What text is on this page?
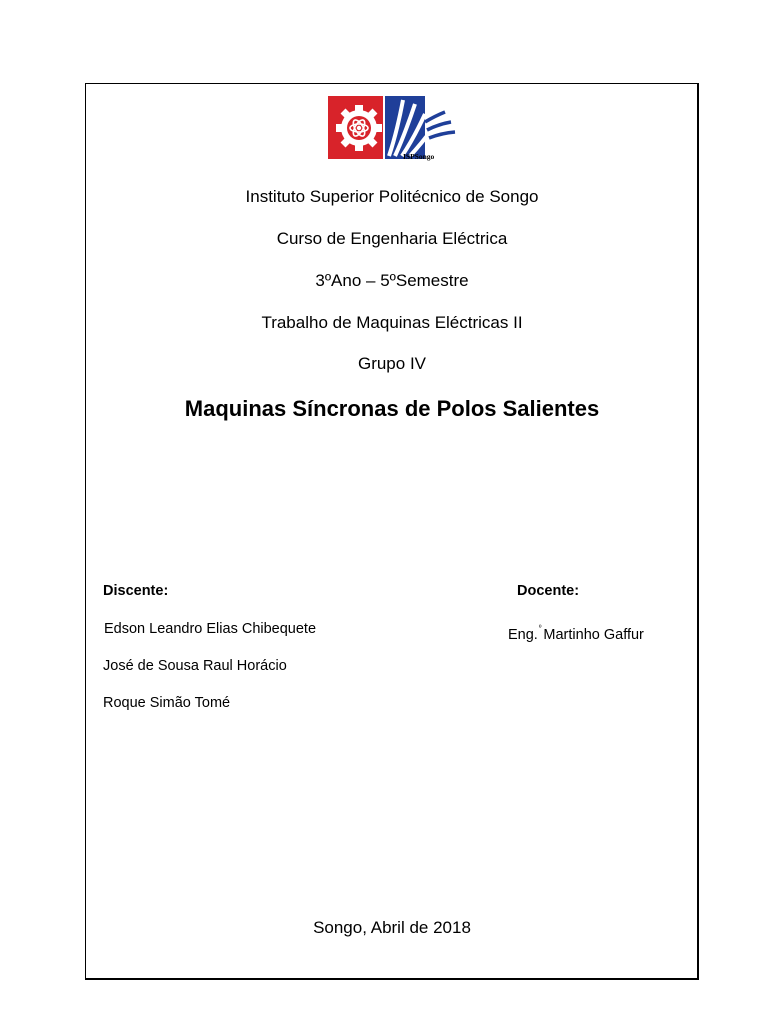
ISPSongo
Instituto Superior Politécnico de Songo
Curso de Engenharia Eléctrica
3ºAno – 5ºSemestre
Trabalho de Maquinas Eléctricas II
Grupo IV
Maquinas Síncronas de Polos Salientes
Discente:
Edson Leandro Elias Chibequete
José de Sousa Raul Horácio
Roque Simão Tomé
Docente:
Eng.$^º$ Martinho Gaffur
Songo, Abril de 2018
